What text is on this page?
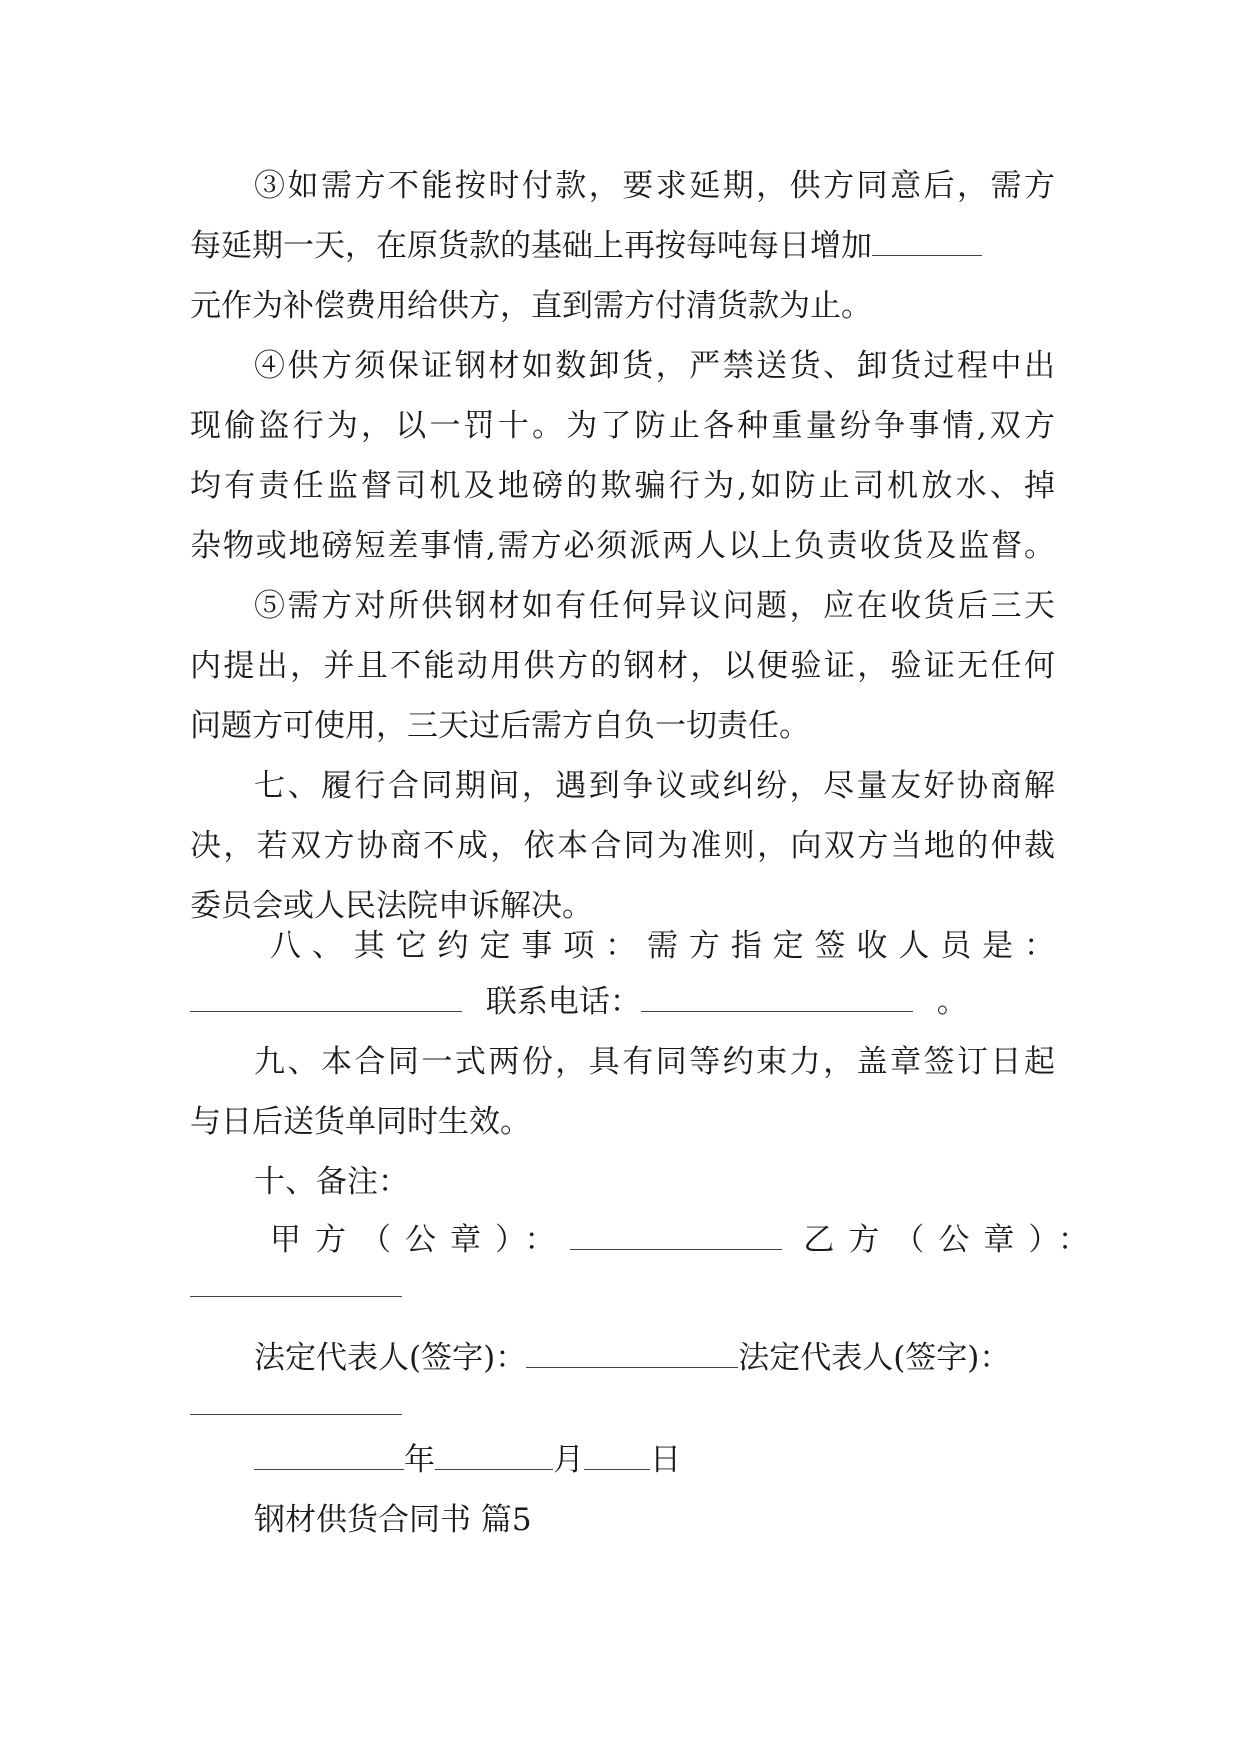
③如需方不能按时付款，要求延期，供方同意后，需方
每延期一天，在原货款的基础上再按每吨每日增加
元作为补偿费用给供方，直到需方付清货款为止。
④供方须保证钢材如数卸货，严禁送货、卸货过程中出
现偷盗行为，以一罚十。为了防止各种重量纷争事情,双方
均有责任监督司机及地磅的欺骗行为,如防止司机放水、掉
杂物或地磅短差事情,需方必须派两人以上负责收货及监督。
⑤需方对所供钢材如有任何异议问题，应在收货后三天
内提出，并且不能动用供方的钢材，以便验证，验证无任何
问题方可使用，三天过后需方自负一切责任。
七、履行合同期间，遇到争议或纠纷，尽量友好协商解
决，若双方协商不成，依本合同为准则，向双方当地的仲裁
委员会或人民法院申诉解决。
八、其它约定事项：需方指定签收人员是：
联系电话：	。
九、本合同一式两份，具有同等约束力，盖章签订日起
与日后送货单同时生效。
十、备注：
甲方（公章）：	乙方（公章）：
法定代表人(签字)：	法定代表人(签字)：
年	月 日
钢材供货合同书 篇5
